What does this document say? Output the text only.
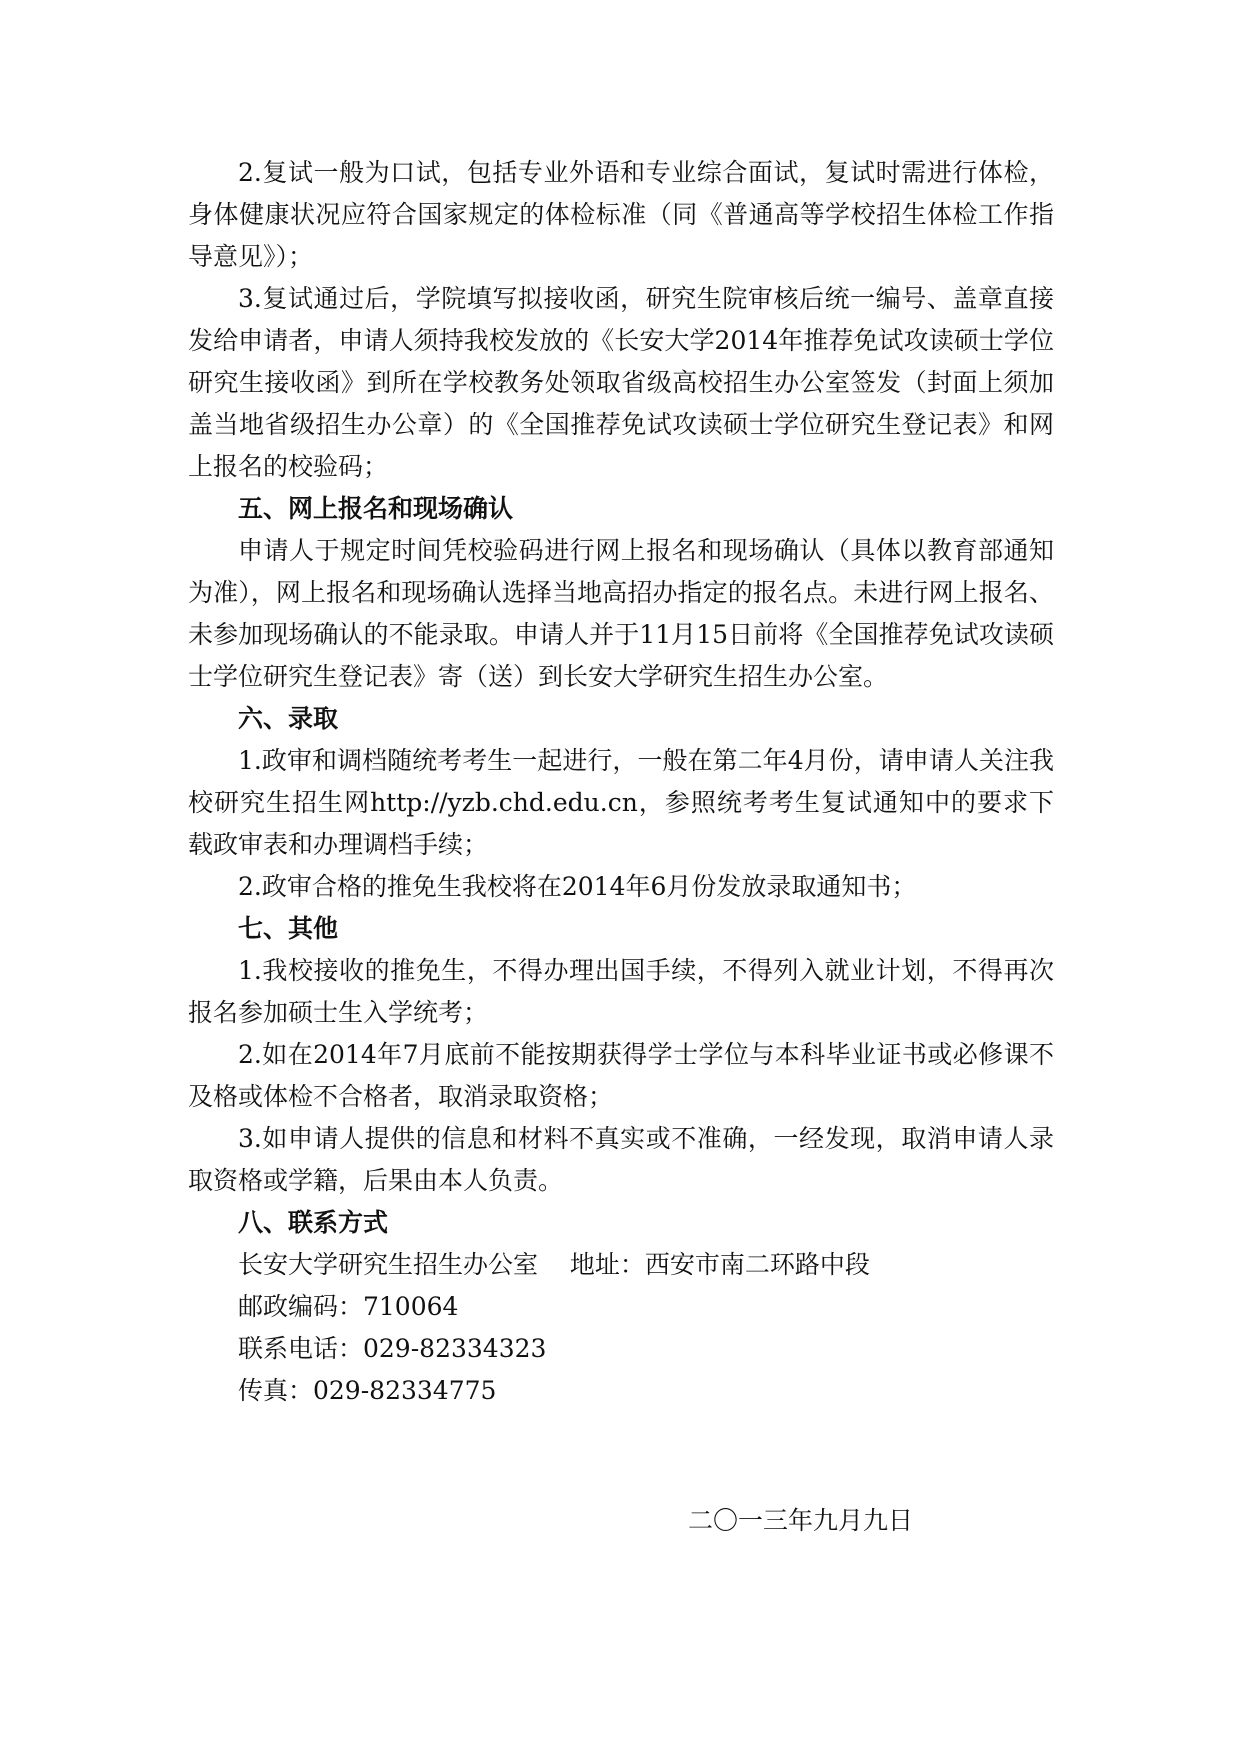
2.复试一般为口试，包括专业外语和专业综合面试，复试时需进行体检，身体健康状况应符合国家规定的体检标准（同《普通高等学校招生体检工作指导意见》）；

3.复试通过后，学院填写拟接收函，研究生院审核后统一编号、盖章直接发给申请者，申请人须持我校发放的《长安大学2014年推荐免试攻读硕士学位研究生接收函》到所在学校教务处领取省级高校招生办公室签发（封面上须加盖当地省级招生办公章）的《全国推荐免试攻读硕士学位研究生登记表》和网上报名的校验码；

五、网上报名和现场确认

申请人于规定时间凭校验码进行网上报名和现场确认（具体以教育部通知为准），网上报名和现场确认选择当地高招办指定的报名点。未进行网上报名、未参加现场确认的不能录取。申请人并于11月15日前将《全国推荐免试攻读硕士学位研究生登记表》寄（送）到长安大学研究生招生办公室。

六、录取

1.政审和调档随统考考生一起进行，一般在第二年4月份，请申请人关注我校研究生招生网http://yzb.chd.edu.cn，参照统考考生复试通知中的要求下载政审表和办理调档手续；

2.政审合格的推免生我校将在2014年6月份发放录取通知书；

七、其他

1.我校接收的推免生，不得办理出国手续，不得列入就业计划，不得再次报名参加硕士生入学统考；

2.如在2014年7月底前不能按期获得学士学位与本科毕业证书或必修课不及格或体检不合格者，取消录取资格；

3.如申请人提供的信息和材料不真实或不准确，一经发现，取消申请人录取资格或学籍，后果由本人负责。

八、联系方式

长安大学研究生招生办公室 地址：西安市南二环路中段

邮政编码：710064

联系电话：029-82334323

传真：029-82334775

二〇一三年九月九日
